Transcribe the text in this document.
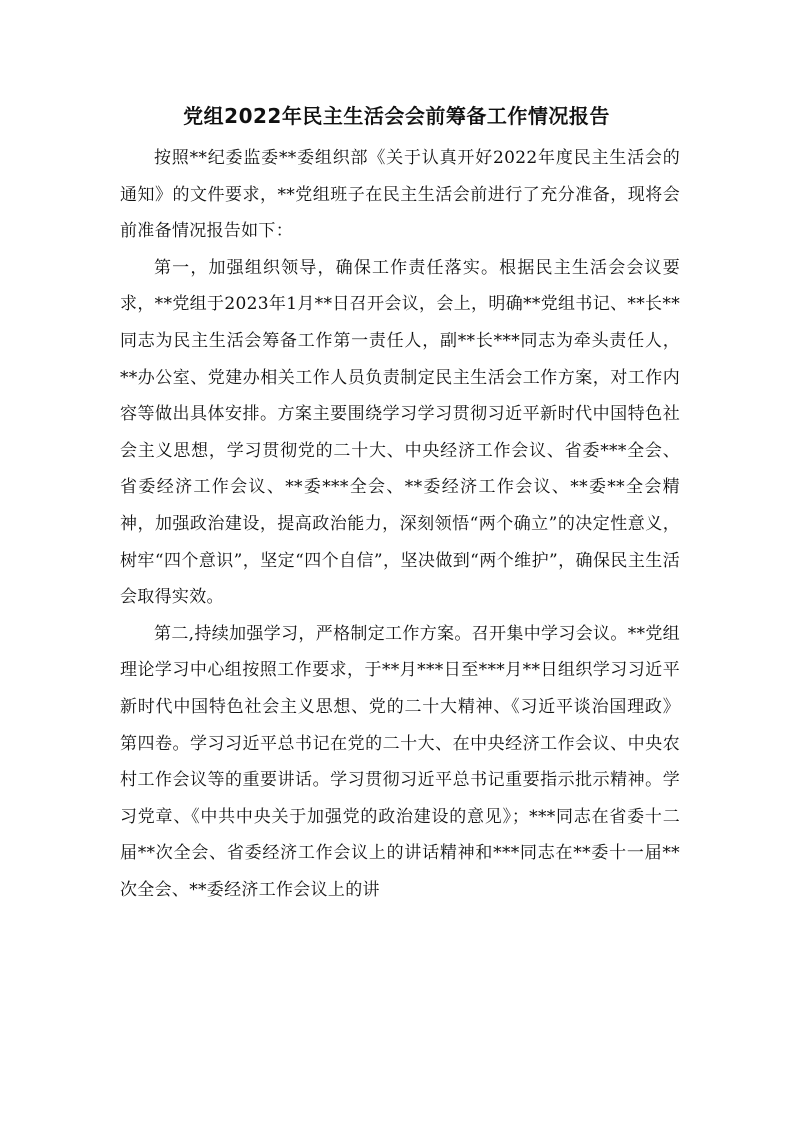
党组2022年民主生活会会前筹备工作情况报告

按照**纪委监委**委组织部《关于认真开好2022年度民主生活会的通知》的文件要求，**党组班子在民主生活会前进行了充分准备，现将会前准备情况报告如下：

第一，加强组织领导，确保工作责任落实。根据民主生活会会议要求，**党组于2023年1月**日召开会议，会上，明确**党组书记、**长**同志为民主生活会筹备工作第一责任人，副**长***同志为牵头责任人，**办公室、党建办相关工作人员负责制定民主生活会工作方案，对工作内容等做出具体安排。方案主要围绕学习学习贯彻习近平新时代中国特色社会主义思想，学习贯彻党的二十大、中央经济工作会议、省委***全会、省委经济工作会议、**委***全会、**委经济工作会议、**委**全会精神，加强政治建设，提高政治能力，深刻领悟“两个确立”的决定性意义，树牢“四个意识”，坚定“四个自信”，坚决做到“两个维护”，确保民主生活会取得实效。

第二,持续加强学习，严格制定工作方案。召开集中学习会议。**党组理论学习中心组按照工作要求，于**月***日至***月**日组织学习习近平新时代中国特色社会主义思想、党的二十大精神、《习近平谈治国理政》第四卷。学习习近平总书记在党的二十大、在中央经济工作会议、中央农村工作会议等的重要讲话。学习贯彻习近平总书记重要指示批示精神。学习党章、《中共中央关于加强党的政治建设的意见》；***同志在省委十二届**次全会、省委经济工作会议上的讲话精神和***同志在**委十一届**次全会、**委经济工作会议上的讲
